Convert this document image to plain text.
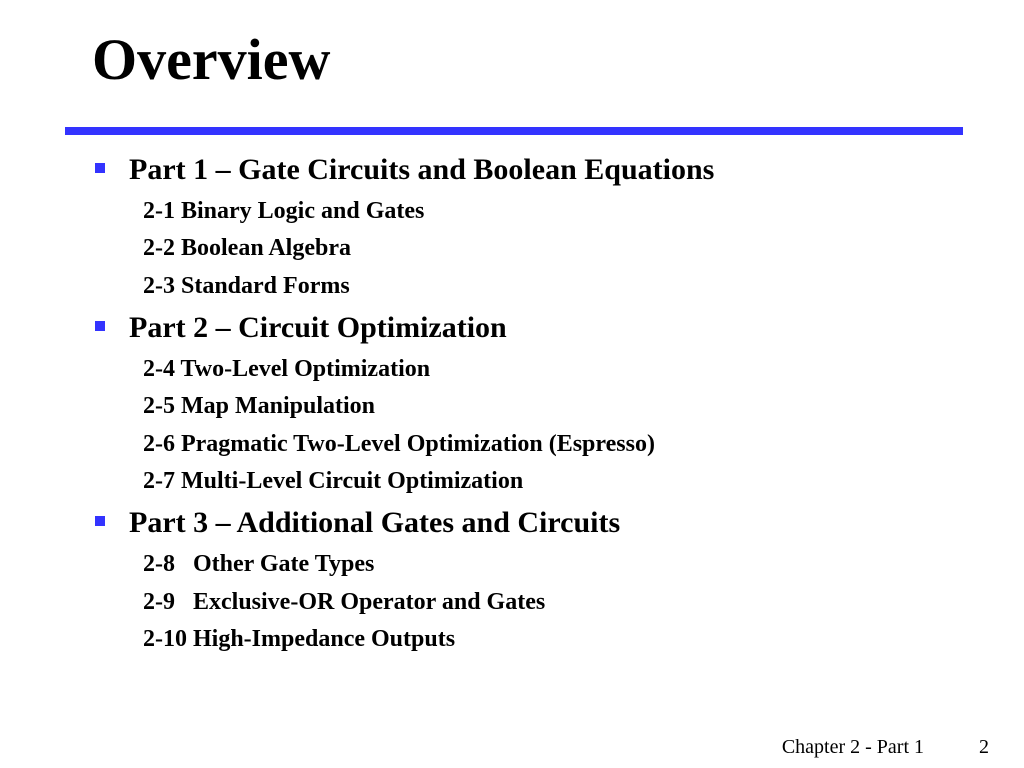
Overview
Part 1 – Gate Circuits and Boolean Equations
2-1 Binary Logic and Gates
2-2 Boolean Algebra
2-3 Standard Forms
Part 2 – Circuit Optimization
2-4 Two-Level Optimization
2-5 Map Manipulation
2-6 Pragmatic Two-Level Optimization (Espresso)
2-7 Multi-Level Circuit Optimization
Part 3 – Additional Gates and Circuits
2-8   Other Gate Types
2-9   Exclusive-OR Operator and Gates
2-10 High-Impedance Outputs
Chapter 2 - Part 1	2
